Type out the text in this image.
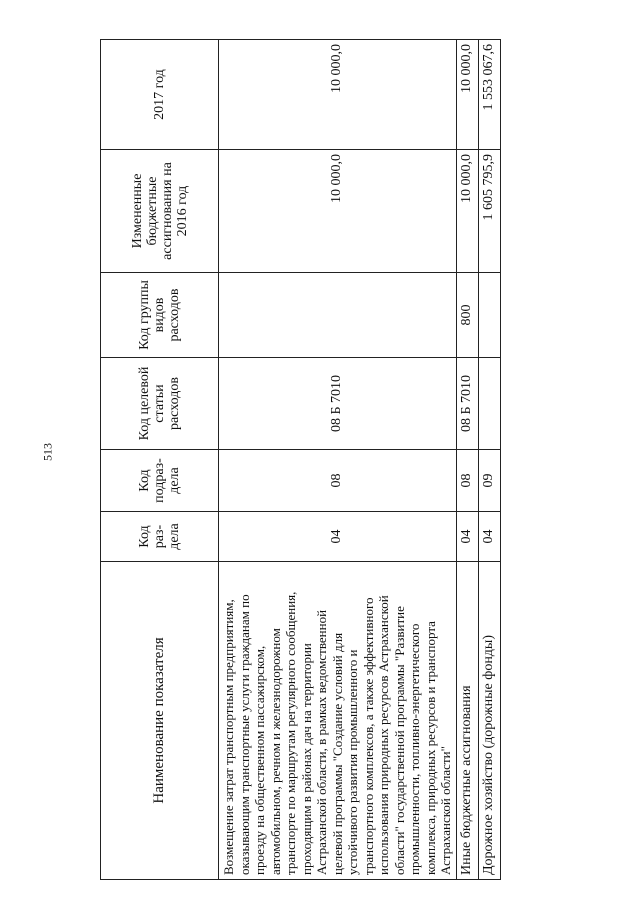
513
Наименование показателя	Код раз-дела	Код подраз-дела	Код целевой статьи расходов	Код группы видов расходов	Измененные бюджетные ассигнования на 2016 год	2017 год
Возмещение затрат транспортным предприятиям, оказывающим транспортные услуги гражданам по проезду на общественном пассажирском, автомобильном, речном и железнодорожном транспорте по маршрутам регулярного сообщения, проходящим в районах дач на территории Астраханской области, в рамках ведомственной целевой программы "Создание условий для устойчивого развития промышленного и транспортного комплексов, а также эффективного использования природных ресурсов Астраханской области" государственной программы "Развитие промышленности, топливно-энергетического комплекса, природных ресурсов и транспорта Астраханской области"	04	08	08 Б 7010		10 000,0	10 000,0
Иные бюджетные ассигнования	04	08	08 Б 7010	800	10 000,0	10 000,0
Дорожное хозяйство (дорожные фонды)	04	09			1 605 795,9	1 553 067,6
